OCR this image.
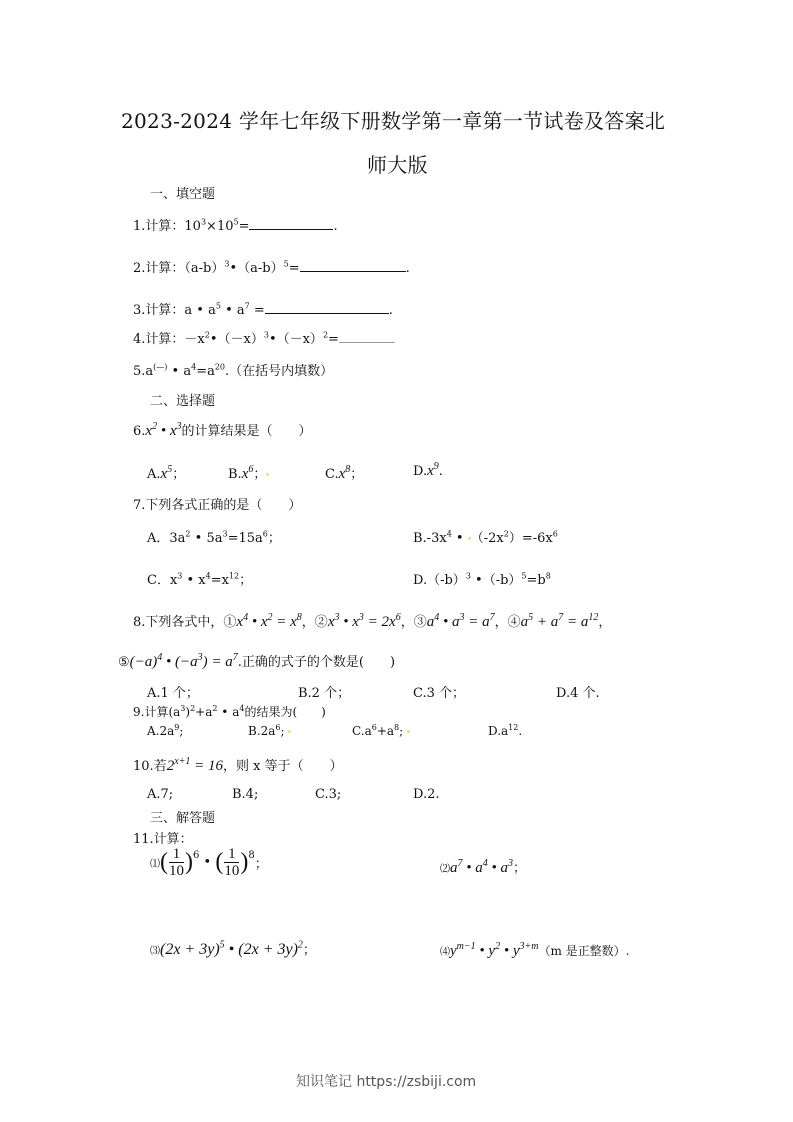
2023-2024 学年七年级下册数学第一章第一节试卷及答案北
师大版
一、填空题
1.计算：$10^3\times 10^5=$	.
2.计算：$(a-b)^3•(a-b)^5=$	.
3.计算：a • $a^5$ • $a^7$ =	.
4.计算：$-x^2•(-x)^3•(-x)^2=$
5.a(—) • $a^4=a^{20}$.（在括号内填数）
二、选择题
$6.x^2$ • $x^3$的计算结果是（　　）
$A.x^5$；	$B.x^6$；	$C.x^8$；	$D.x^9$.
7.下列各式正确的是（　　）
A．$3a^2$ • $5a^3=15a^6$；	$B.-3x^4$ • $(-2x^2)=-6x^6$
C．$x^3$ • $x^4=x^{12}$；	$D.(-b)^3$ $•(-b)^5=b^8$
8.下列各式中，$①x^4$ • $x^2 = x^8$，$②x^3$ • $x^3 = 2x^6$，$③a^4$ • $a^3 = a^7$，$④a^5 + a^7 = a^{12}$，
$⑤(-a)^4$ • $(-a^3) = a^7$.正确的式子的个数是(　　)
A.1 个；	B.2 个；	C.3 个；	D.4 个.
9.计算$(a^3)^2+a^2$ • $a^4$的结果为(　　)
$A.2a^9$;	$B.2a^6$;	$C.a^6+a^8$;	$D.a^{12}$.
10.若$2^{x+1} = 16$，则 x 等于（　　）
A.7;	B.4;	C.3;	D.2.
三、解答题
11.计算：
⑴( $\frac{1}{10} )^6$ • ( $\frac{1}{10} )^8$；	$⑵a^7$ • $a^4$ • $a^3$；
⑶(2x + 3y)$^5$ • $(2x + 3y)^2$；	$⑷y^{m-1}$ • $y^2$ • $y^{3+m}(m$ 是正整数）.
知识笔记 https://zsbiji.com
